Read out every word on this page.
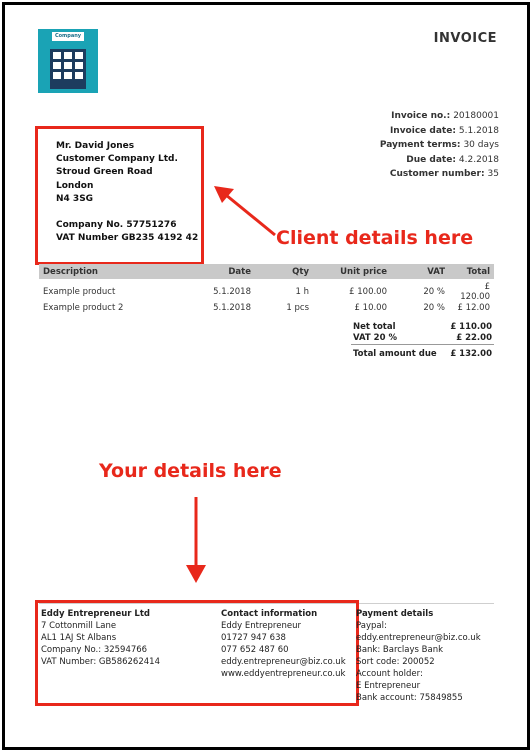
Company	INVOICE
Invoice no.: 20180001
Invoice date: 5.1.2018
Payment terms: 30 days
Due date: 4.2.2018
Customer number: 35
Mr. David Jones
Customer Company Ltd.
Stroud Green Road
London
N4 3SG
Company No. 57751276
VAT Number GB235 4192 42	Client details here
Description	Date	Qty	Unit price	VAT	Total
Example product	5.1.2018	1 h	£ 100.00	20 %	£ 120.00
Example product 2	5.1.2018	1 pcs	£ 10.00	20 %	£ 12.00
Net total	£ 110.00
VAT 20 %	£ 22.00
Total amount due £ 132.00
Your details here
Eddy Entrepreneur Ltd
7 Cottonmill Lane
AL1 1AJ St Albans
Company No.: 32594766
VAT Number: GB586262414
Contact information
Eddy Entrepreneur
01727 947 638
077 652 487 60
eddy.entrepreneur@biz.co.uk
www.eddyentrepreneur.co.uk
Payment details
Paypal:
eddy.entrepreneur@biz.co.uk
Bank: Barclays Bank
Sort code: 200052
Account holder:
E Entrepreneur
Bank account: 75849855
